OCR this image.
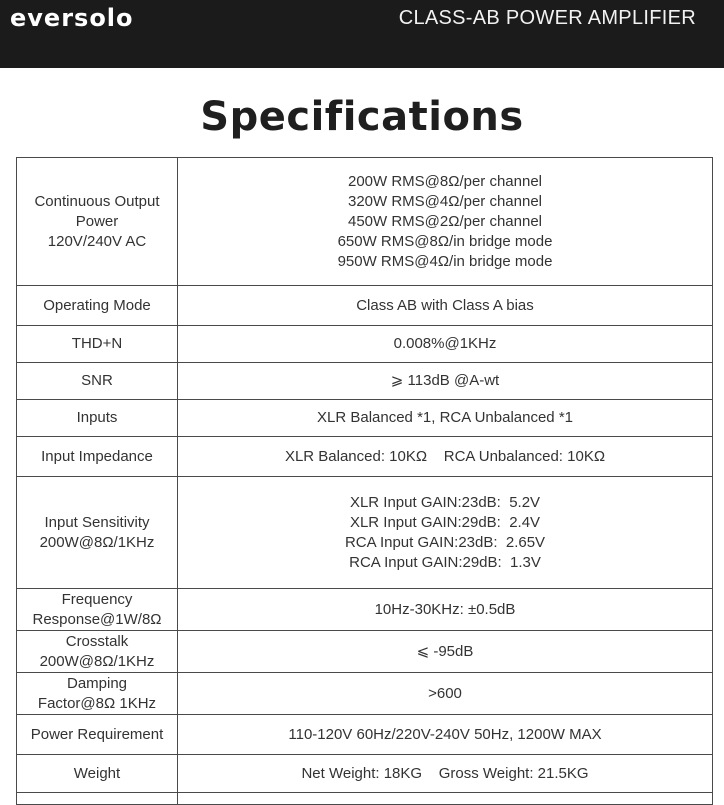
eversolo	CLASS-AB POWER AMPLIFIER
Specifications
Continuous Output
Power
120V/240V AC	200W RMS@8Ω/per channel
320W RMS@4Ω/per channel
450W RMS@2Ω/per channel
650W RMS@8Ω/in bridge mode
950W RMS@4Ω/in bridge mode

Operating Mode	Class AB with Class A bias

THD+N	0.008%@1KHz

SNR	⩾ 113dB @A-wt

Inputs	XLR Balanced *1, RCA Unbalanced *1

Input Impedance	XLR Balanced: 10KΩ    RCA Unbalanced: 10KΩ

Input Sensitivity
200W@8Ω/1KHz	XLR Input GAIN:23dB:  5.2V
XLR Input GAIN:29dB:  2.4V
RCA Input GAIN:23dB:  2.65V
RCA Input GAIN:29dB:  1.3V

Frequency
Response@1W/8Ω	10Hz-30KHz: ±0.5dB

Crosstalk
200W@8Ω/1KHz	⩽ -95dB

Damping
Factor@8Ω 1KHz	>600

Power Requirement	110-120V 60Hz/220V-240V 50Hz, 1200W MAX

Weight	Net Weight: 18KG    Gross Weight: 21.5KG
